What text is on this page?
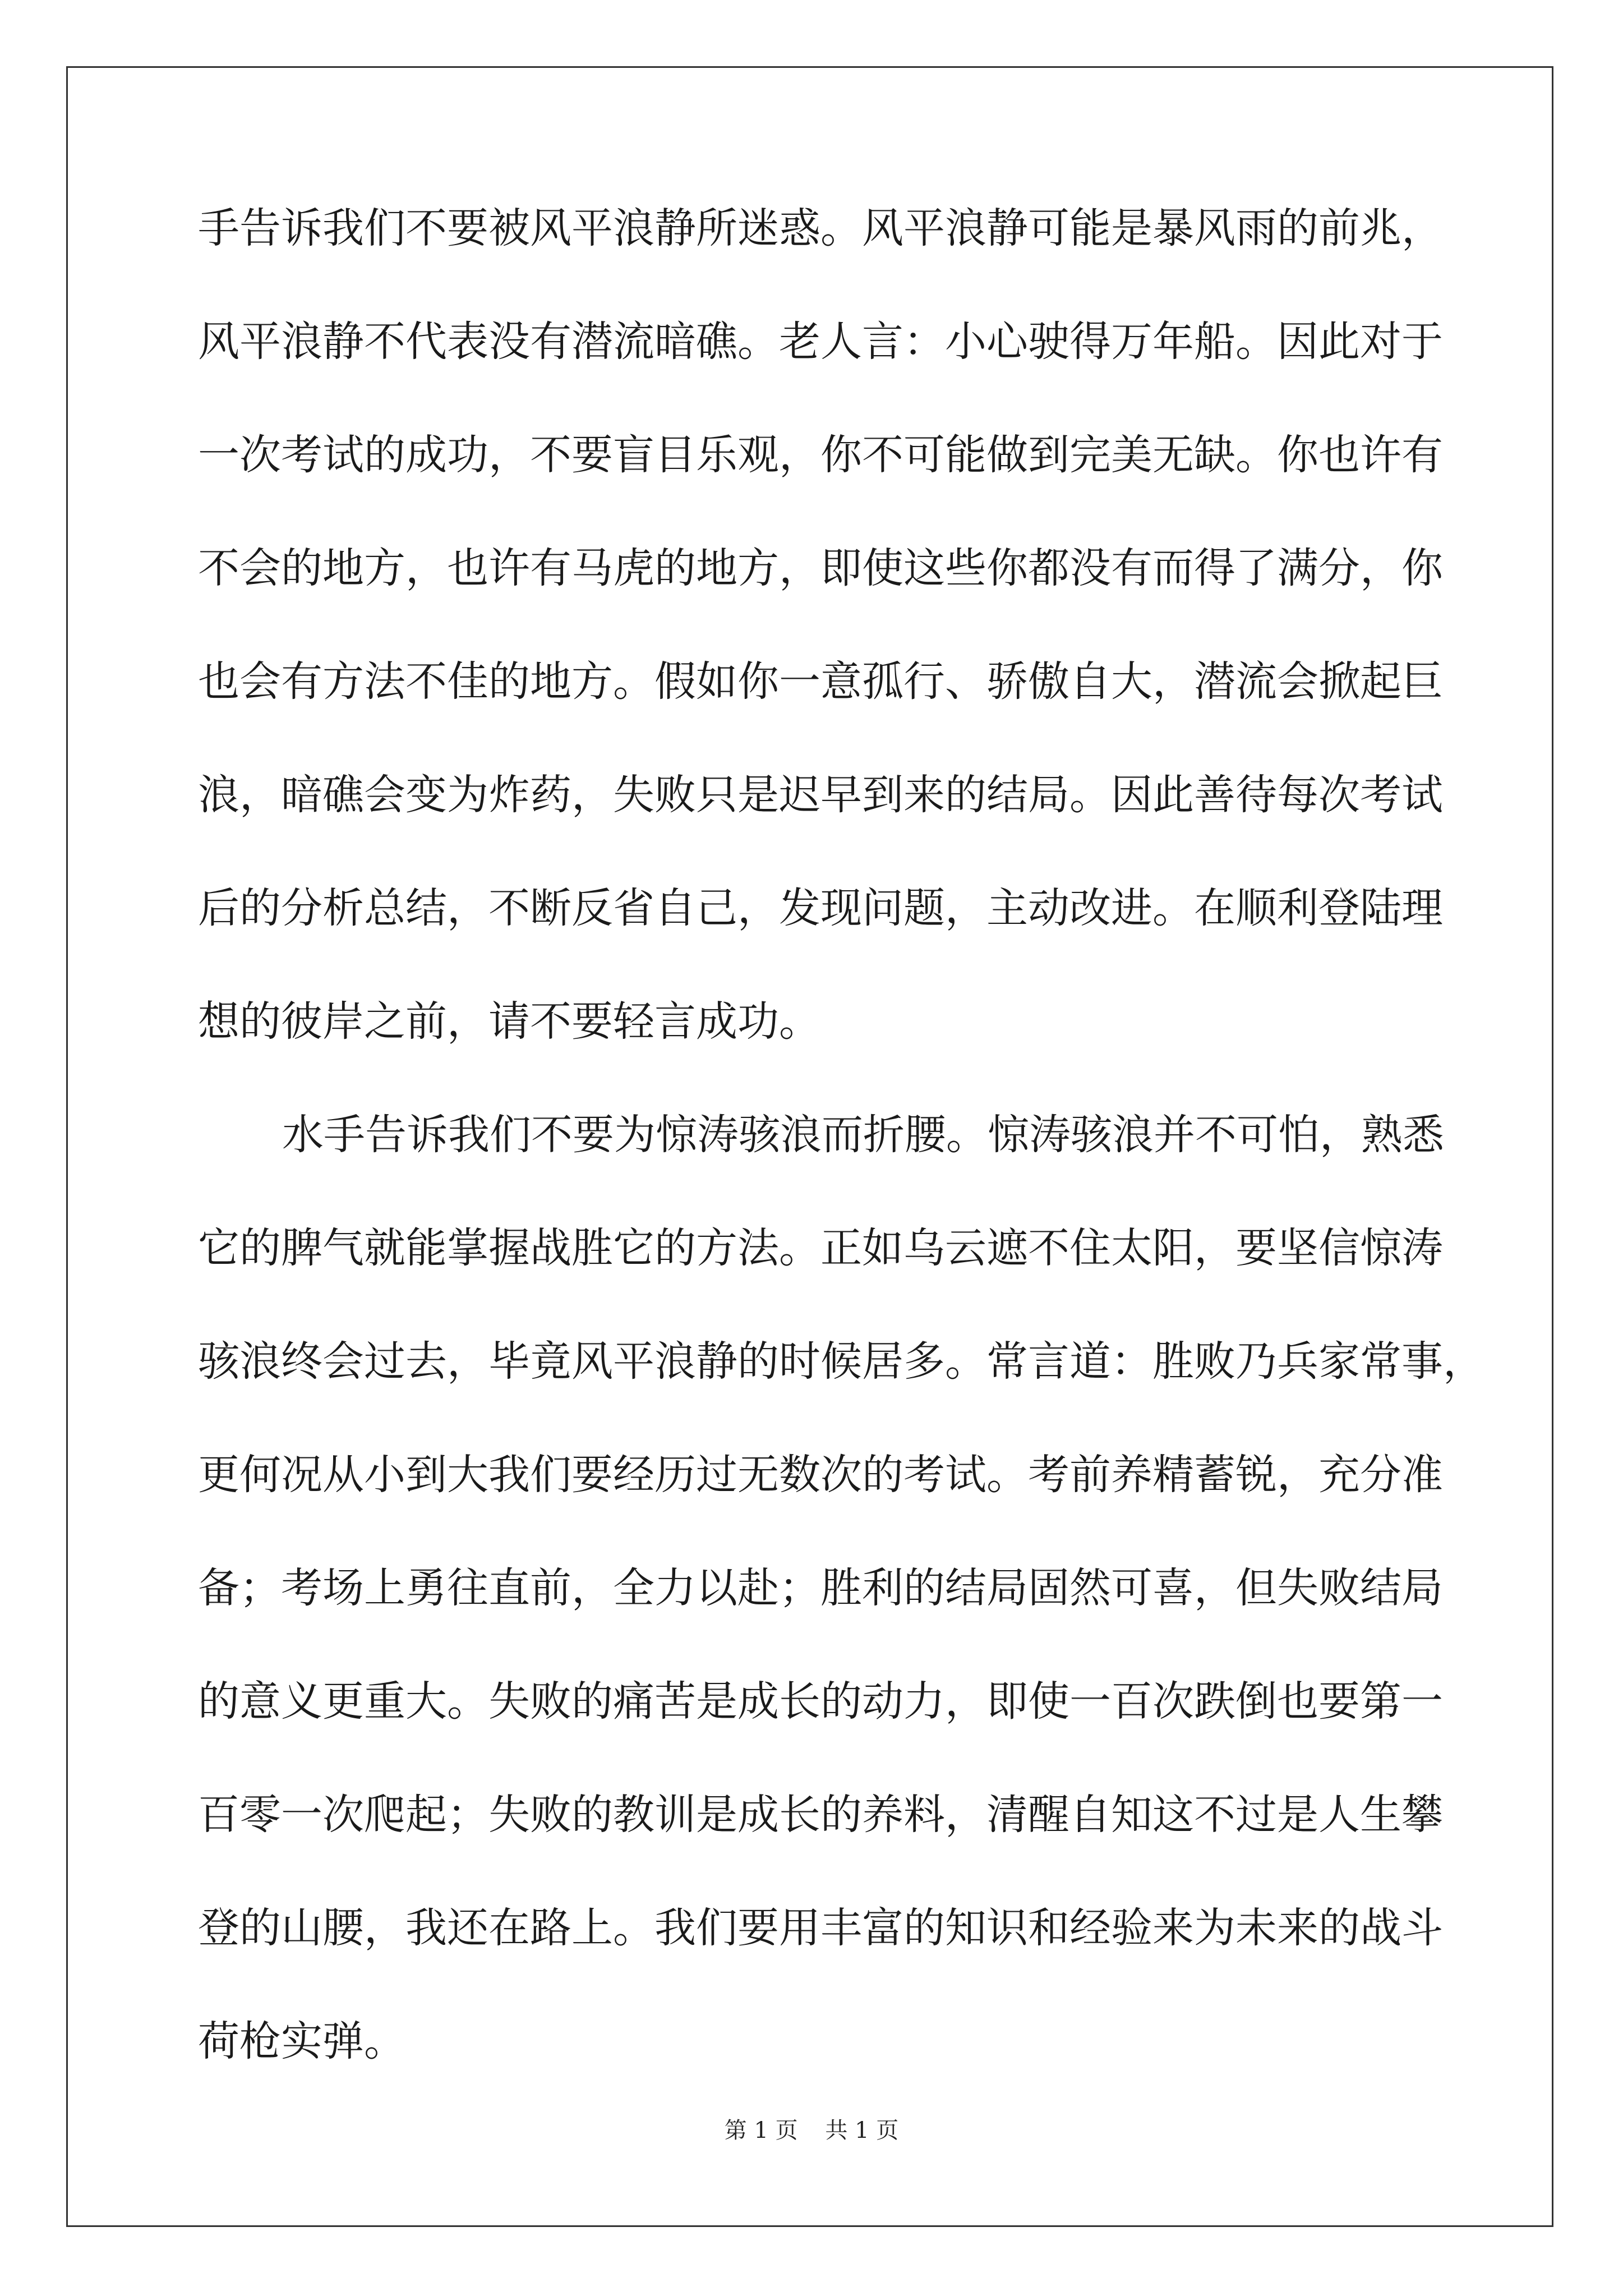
手告诉我们不要被风平浪静所迷惑。风平浪静可能是暴风雨的前兆，
风平浪静不代表没有潜流暗礁。老人言：小心驶得万年船。因此对于
一次考试的成功，不要盲目乐观，你不可能做到完美无缺。你也许有
不会的地方，也许有马虎的地方，即使这些你都没有而得了满分，你
也会有方法不佳的地方。假如你一意孤行、骄傲自大，潜流会掀起巨
浪，暗礁会变为炸药，失败只是迟早到来的结局。因此善待每次考试
后的分析总结，不断反省自己，发现问题，主动改进。在顺利登陆理
想的彼岸之前，请不要轻言成功。
水手告诉我们不要为惊涛骇浪而折腰。惊涛骇浪并不可怕，熟悉
它的脾气就能掌握战胜它的方法。正如乌云遮不住太阳，要坚信惊涛
骇浪终会过去，毕竟风平浪静的时候居多。常言道：胜败乃兵家常事，
更何况从小到大我们要经历过无数次的考试。考前养精蓄锐，充分准
备；考场上勇往直前，全力以赴；胜利的结局固然可喜，但失败结局
的意义更重大。失败的痛苦是成长的动力，即使一百次跌倒也要第一
百零一次爬起；失败的教训是成长的养料，清醒自知这不过是人生攀
登的山腰，我还在路上。我们要用丰富的知识和经验来为未来的战斗
荷枪实弹。
第 1 页 共 1 页
